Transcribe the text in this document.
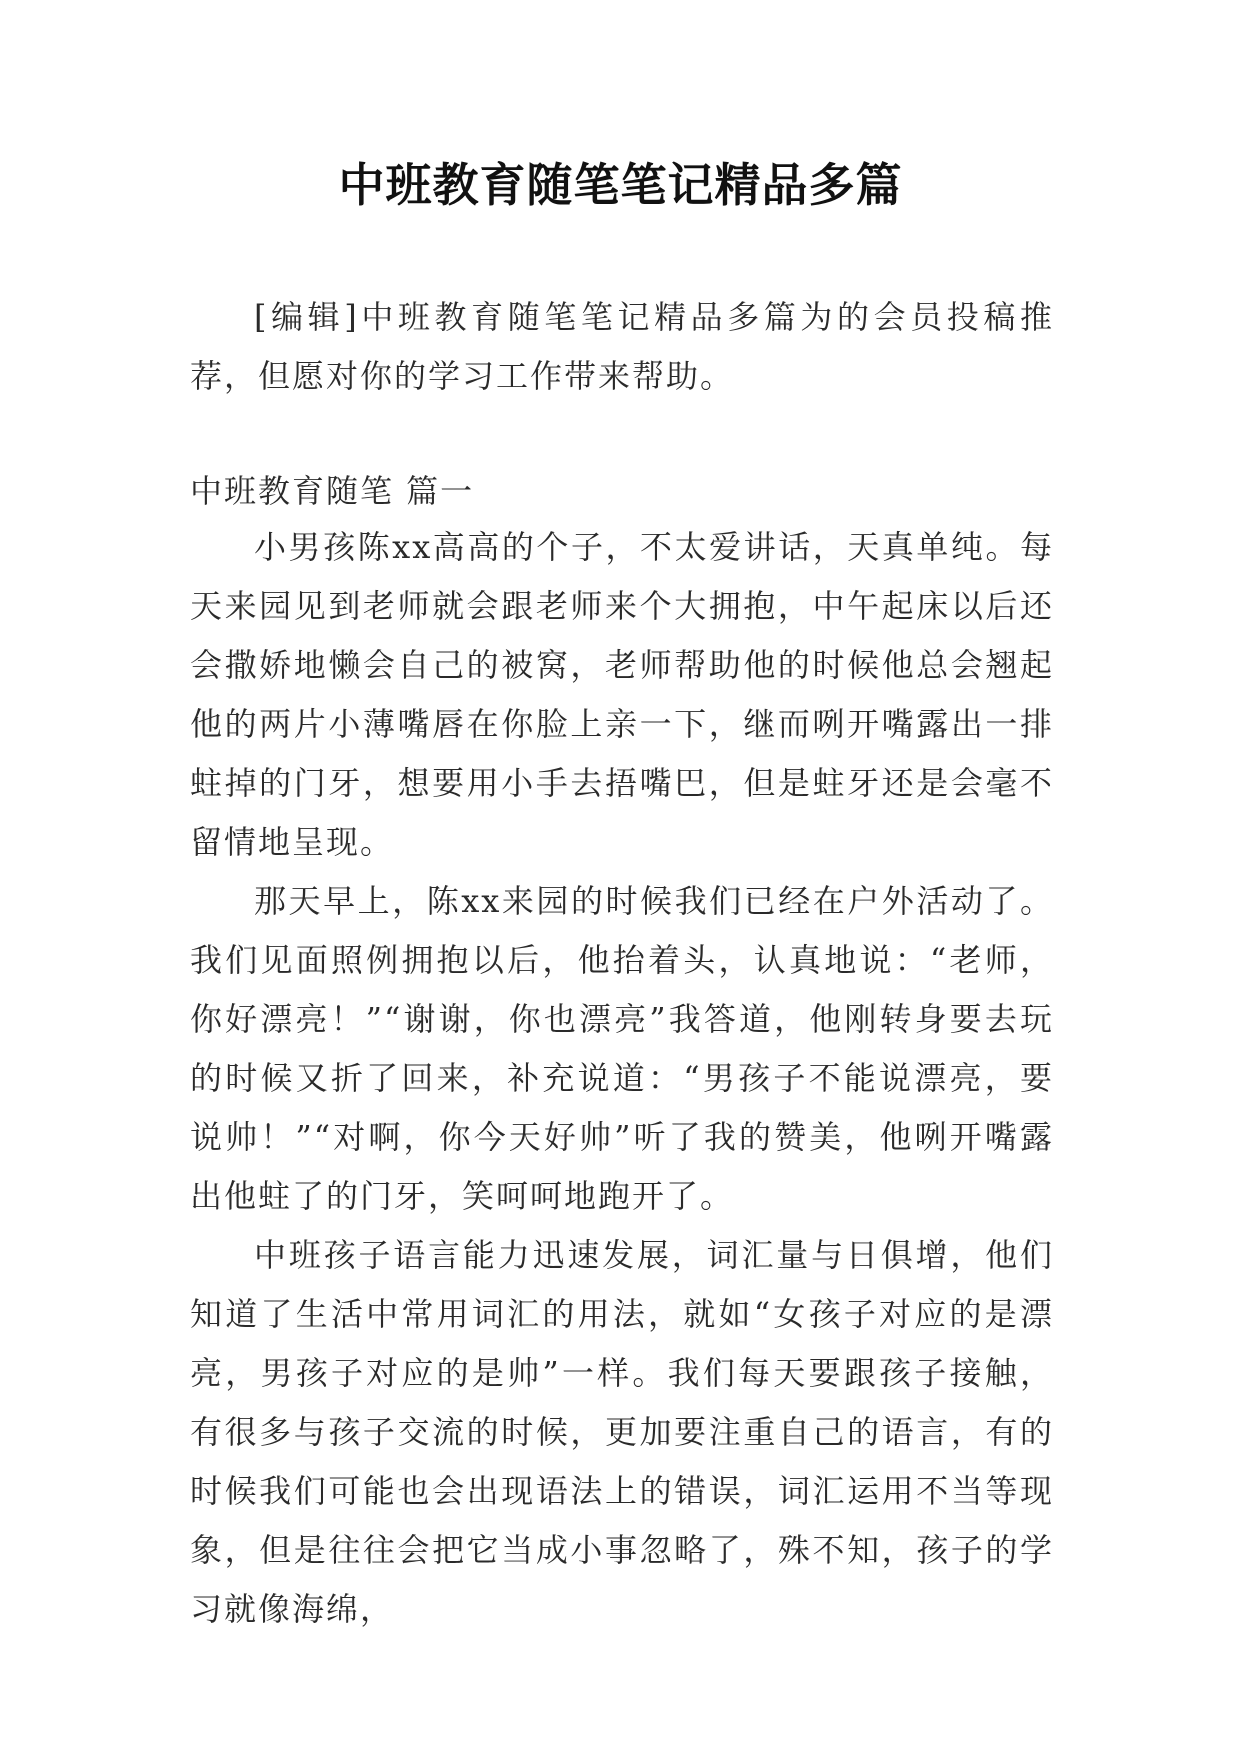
中班教育随笔笔记精品多篇

[编辑]中班教育随笔笔记精品多篇为的会员投稿推荐，但愿对你的学习工作带来帮助。

中班教育随笔 篇一

小男孩陈xx高高的个子，不太爱讲话，天真单纯。每天来园见到老师就会跟老师来个大拥抱，中午起床以后还会撒娇地懒会自己的被窝，老师帮助他的时候他总会翘起他的两片小薄嘴唇在你脸上亲一下，继而咧开嘴露出一排蛀掉的门牙，想要用小手去捂嘴巴，但是蛀牙还是会毫不留情地呈现。

那天早上，陈xx来园的时候我们已经在户外活动了。我们见面照例拥抱以后，他抬着头，认真地说：“老师，你好漂亮！”“谢谢，你也漂亮”我答道，他刚转身要去玩的时候又折了回来，补充说道：“男孩子不能说漂亮，要说帅！”“对啊，你今天好帅”听了我的赞美，他咧开嘴露出他蛀了的门牙，笑呵呵地跑开了。

中班孩子语言能力迅速发展，词汇量与日俱增，他们知道了生活中常用词汇的用法，就如“女孩子对应的是漂亮，男孩子对应的是帅”一样。我们每天要跟孩子接触，有很多与孩子交流的时候，更加要注重自己的语言，有的时候我们可能也会出现语法上的错误，词汇运用不当等现象，但是往往会把它当成小事忽略了，殊不知，孩子的学习就像海绵，
